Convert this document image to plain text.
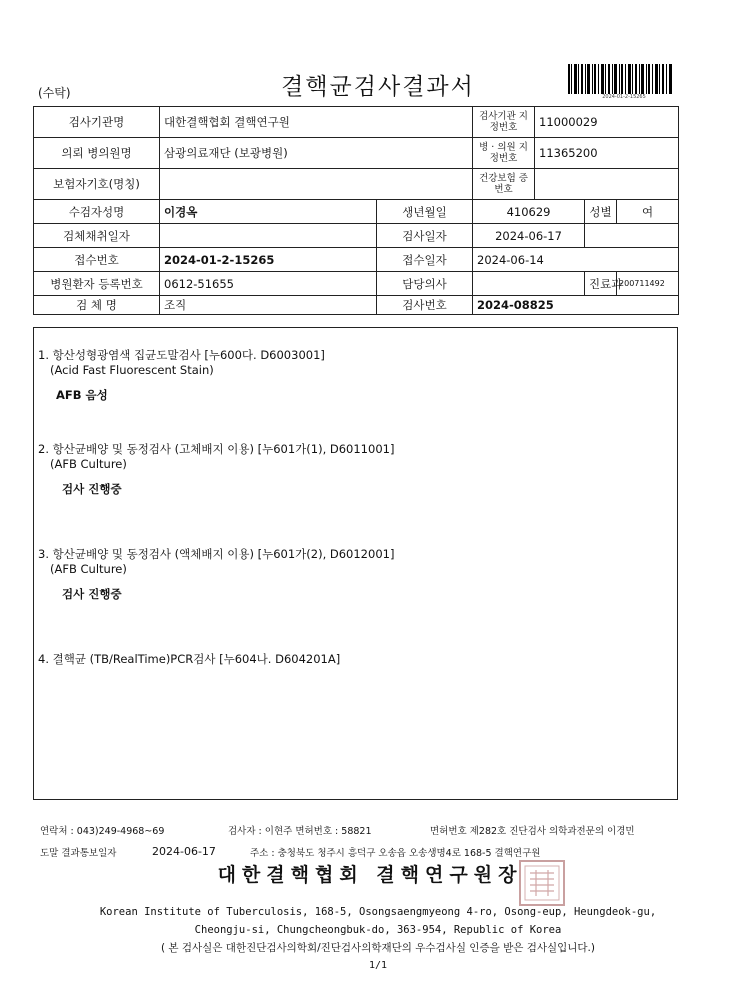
(수탁)	결핵균검사결과서	2024-01-2-15265
검사기관명	대한결핵협회 결핵연구원		검사기관 지정번호	11000029		
의뢰 병의원명	삼광의료재단 (보광병원)		병 · 의원 지정번호	11365200		
보험자기호(명칭)			건강보험 증번호			
수검자성명	이경옥	생년월일	410629		성별	여
검체채취일자		검사일자	2024-06-17			
접수번호	2024-01-2-15265	접수일자	2024-06-14			
병원환자 등록번호	0612-51655	담당의사			진료과	200711492
검 체 명	조직	검사번호	2024-08825			
1. 항산성형광염색 집균도말검사 [누600다. D6003001]
(Acid Fast Fluorescent Stain)
AFB 음성
2. 항산균배양 및 동정검사 (고체배지 이용) [누601가(1), D6011001]
(AFB Culture)
검사 진행중
3. 항산균배양 및 동정검사 (액체배지 이용) [누601가(2), D6012001]
(AFB Culture)
검사 진행중
4. 결핵균 (TB/RealTime)PCR검사 [누604나. D604201A]
연락처 : 043)249-4968~69	검사자 : 이현주 면허번호 : 58821	면허번호 제282호 진단검사 의학과전문의 이경민
도말 결과통보일자	2024-06-17	주소 : 충청북도 청주시 흥덕구 오송읍 오송생명4로 168-5 결핵연구원
대한결핵협회 결핵연구원장
Korean Institute of Tuberculosis, 168-5, Osongsaengmyeong 4-ro, Osong-eup, Heungdeok-gu,
Cheongju-si, Chungcheongbuk-do, 363-954, Republic of Korea
( 본 검사실은 대한진단검사의학회/진단검사의학재단의 우수검사실 인증을 받은 검사실입니다.)
1/1
